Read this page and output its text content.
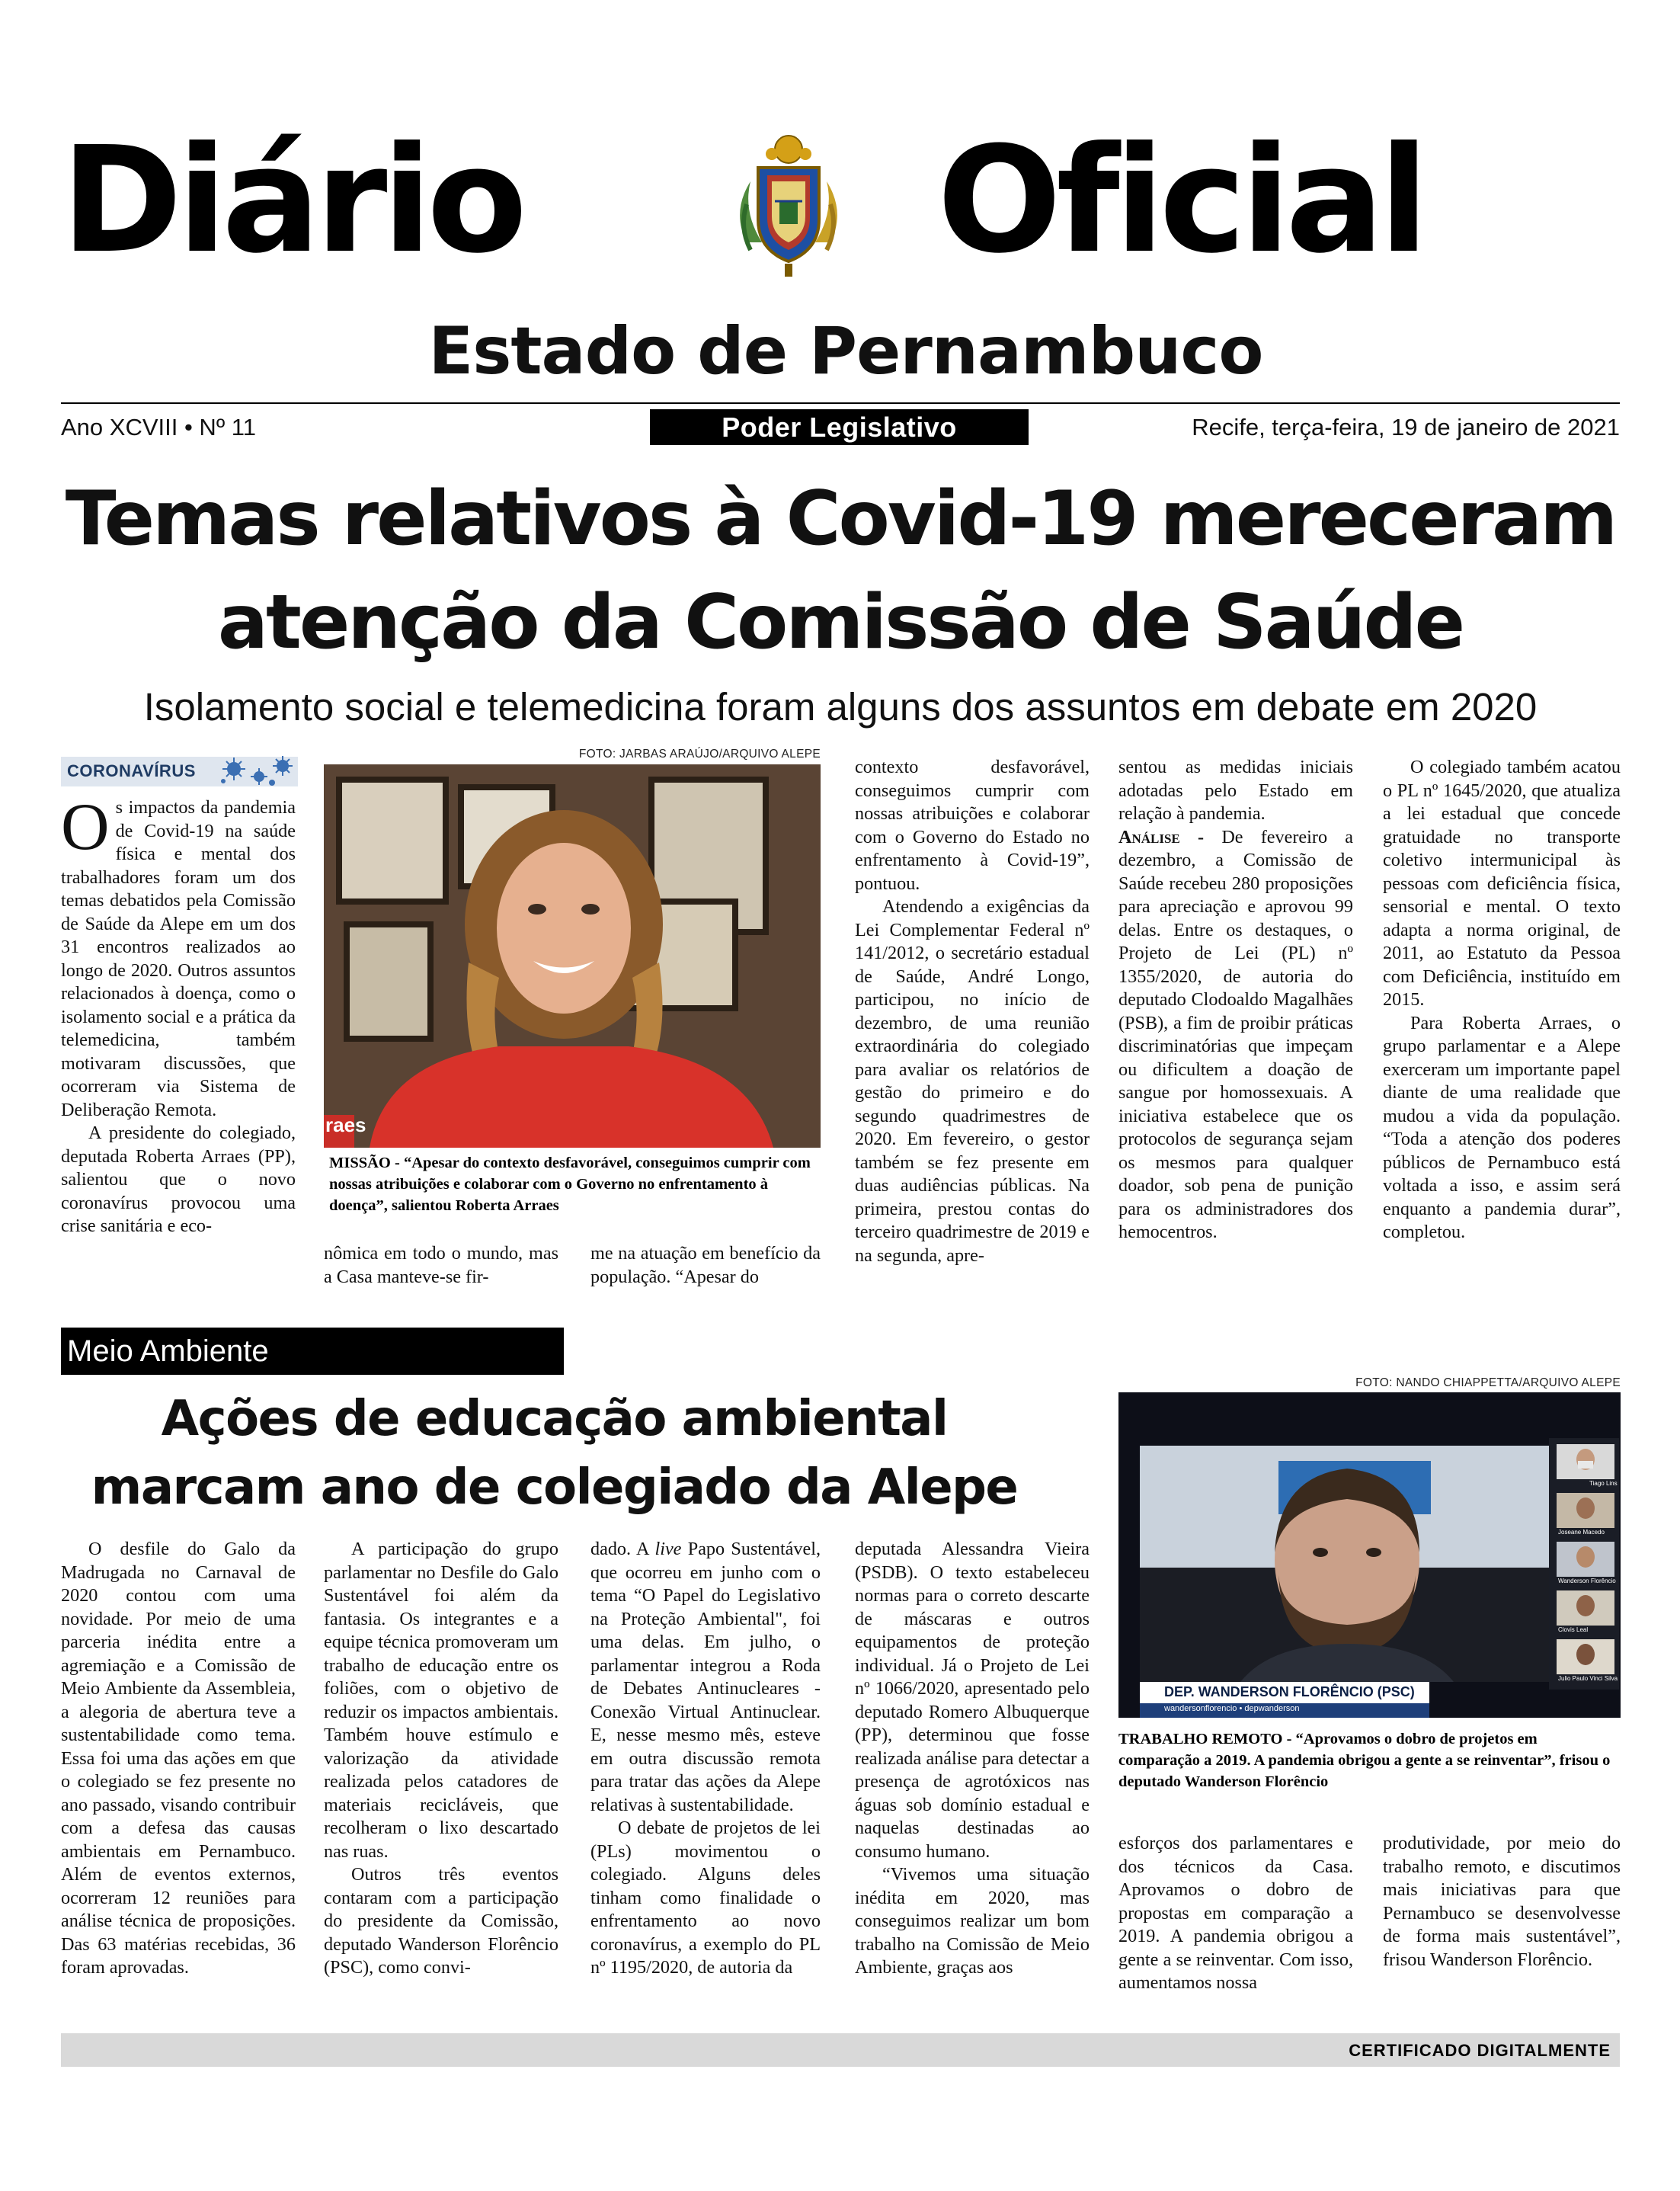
Diário	Oficial
Estado de Pernambuco
Ano XCVIII • Nº 11	Poder Legislativo	Recife, terça-feira, 19 de janeiro de 2021
Temas relativos à Covid-19 mereceram
atenção da Comissão de Saúde
Isolamento social e telemedicina foram alguns dos assuntos em debate em 2020
CORONAVÍRUS

Os impactos da pandemia de Covid-19 na saúde física e mental dos trabalhadores foram um dos temas debatidos pela Comissão de Saúde da Alepe em um dos 31 encontros realizados ao longo de 2020. Outros assuntos relacionados à doença, como o isolamento social e a prática da telemedicina, também motivaram discussões, que ocorreram via Sistema de Deliberação Remota.

A presidente do colegiado, deputada Roberta Arraes (PP), salientou que o novo coronavírus provocou uma crise sanitária e eco-

FOTO: JARBAS ARAÚJO/ARQUIVO ALEPE
raes
MISSÃO - “Apesar do contexto desfavorável, conseguimos cumprir com nossas atribuições e colaborar com o Governo no enfrentamento à doença”, salientou Roberta Arraes

nômica em todo o mundo, mas a Casa manteve-se fir-

me na atuação em benefício da população. “Apesar do

contexto desfavorável, conseguimos cumprir com nossas atribuições e colaborar com o Governo do Estado no enfrentamento à Covid-19”, pontuou.

Atendendo a exigências da Lei Complementar Federal nº 141/2012, o secretário estadual de Saúde, André Longo, participou, no início de dezembro, de uma reunião extraordinária do colegiado para avaliar os relatórios de gestão do primeiro e do segundo quadrimestres de 2020. Em fevereiro, o gestor também se fez presente em duas audiências públicas. Na primeira, prestou contas do terceiro quadrimestre de 2019 e na segunda, apre-

sentou as medidas iniciais adotadas pelo Estado em relação à pandemia.

Análise - De fevereiro a dezembro, a Comissão de Saúde recebeu 280 proposições para apreciação e aprovou 99 delas. Entre os destaques, o Projeto de Lei (PL) nº 1355/2020, de autoria do deputado Clodoaldo Magalhães (PSB), a fim de proibir práticas discriminatórias que impeçam ou dificultem a doação de sangue por homossexuais. A iniciativa estabelece que os protocolos de segurança sejam os mesmos para qualquer doador, sob pena de punição para os administradores dos hemocentros.

O colegiado também acatou o PL nº 1645/2020, que atualiza a lei estadual que concede gratuidade no transporte coletivo intermunicipal às pessoas com deficiência física, sensorial e mental. O texto adapta a norma original, de 2011, ao Estatuto da Pessoa com Deficiência, instituído em 2015.

Para Roberta Arraes, o grupo parlamentar e a Alepe exerceram um importante papel diante de uma realidade que mudou a vida da população. “Toda a atenção dos poderes públicos de Pernambuco está voltada a isso, e assim será enquanto a pandemia durar”, completou.

Meio Ambiente
Ações de educação ambiental
marcam ano de colegiado da Alepe
FOTO: NANDO CHIAPPETTA/ARQUIVO ALEPE
Tiago Lins
Joseane Macedo
Wanderson Florêncio
Clovis Leal
Julio Paulo Vinci Silva
DEP. WANDERSON FLORÊNCIO (PSC)
wandersonflorencio • depwanderson
TRABALHO REMOTO - “Aprovamos o dobro de projetos em comparação a 2019. A pandemia obrigou a gente a se reinventar”, frisou o deputado Wanderson Florêncio

O desfile do Galo da Madrugada no Carnaval de 2020 contou com uma novidade. Por meio de uma parceria inédita entre a agremiação e a Comissão de Meio Ambiente da Assembleia, a alegoria de abertura teve a sustentabilidade como tema. Essa foi uma das ações em que o colegiado se fez presente no ano passado, visando contribuir com a defesa das causas ambientais em Pernambuco. Além de eventos externos, ocorreram 12 reuniões para análise técnica de proposições. Das 63 matérias recebidas, 36 foram aprovadas.

A participação do grupo parlamentar no Desfile do Galo Sustentável foi além da fantasia. Os integrantes e a equipe técnica promoveram um trabalho de educação entre os foliões, com o objetivo de reduzir os impactos ambientais. Também houve estímulo e valorização da atividade realizada pelos catadores de materiais recicláveis, que recolheram o lixo descartado nas ruas.

Outros três eventos contaram com a participação do presidente da Comissão, deputado Wanderson Florêncio (PSC), como convi-

dado. A live Papo Sustentável, que ocorreu em junho com o tema “O Papel do Legislativo na Proteção Ambiental", foi uma delas. Em julho, o parlamentar integrou a Roda de Debates Antinucleares - Conexão Virtual Antinuclear. E, nesse mesmo mês, esteve em outra discussão remota para tratar das ações da Alepe relativas à sustentabilidade.

O debate de projetos de lei (PLs) movimentou o colegiado. Alguns deles tinham como finalidade o enfrentamento ao novo coronavírus, a exemplo do PL nº 1195/2020, de autoria da

deputada Alessandra Vieira (PSDB). O texto estabeleceu normas para o correto descarte de máscaras e outros equipamentos de proteção individual. Já o Projeto de Lei nº 1066/2020, apresentado pelo deputado Romero Albuquerque (PP), determinou que fosse realizada análise para detectar a presença de agrotóxicos nas águas sob domínio estadual e naquelas destinadas ao consumo humano.

“Vivemos uma situação inédita em 2020, mas conseguimos realizar um bom trabalho na Comissão de Meio Ambiente, graças aos

esforços dos parlamentares e dos técnicos da Casa. Aprovamos o dobro de propostas em comparação a 2019. A pandemia obrigou a gente a se reinventar. Com isso, aumentamos nossa

produtividade, por meio do trabalho remoto, e discutimos mais iniciativas para que Pernambuco se desenvolvesse de forma mais sustentável”, frisou Wanderson Florêncio.

CERTIFICADO DIGITALMENTE
